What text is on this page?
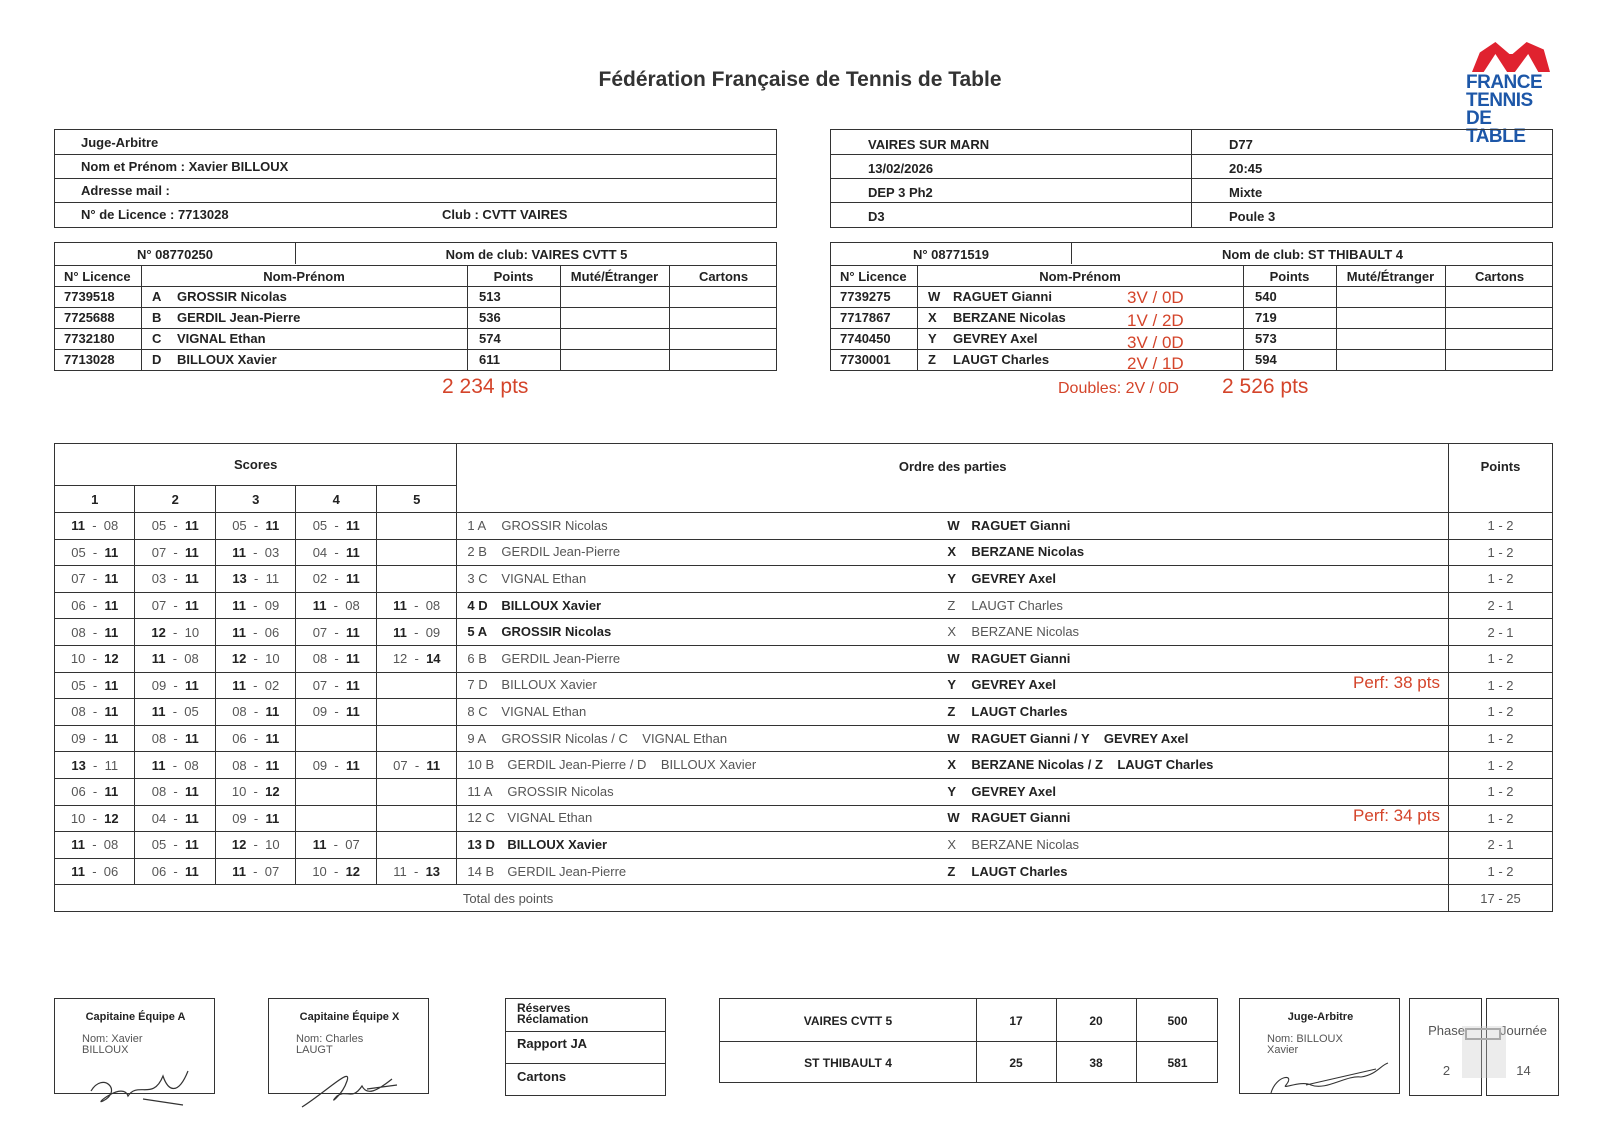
Fédération Française de Tennis de Table	FRANCE
TENNIS
DE TABLE
Juge-Arbitre
Nom et Prénom : Xavier BILLOUX
Adresse mail :
N° de Licence : 7713028	Club : CVTT VAIRES
VAIRES SUR MARN	D77
13/02/2026	20:45
DEP 3 Ph2	Mixte
D3	Poule 3
N° 08770250	Nom de club: VAIRES CVTT 5
N° Licence	Nom-Prénom	Points	Muté/Étranger	Cartons
7739518	A GROSSIR Nicolas	513
7725688	B GERDIL Jean-Pierre	536
7732180	C VIGNAL Ethan	574
7713028	D BILLOUX Xavier	611
2 234 pts
N° 08771519	Nom de club: ST THIBAULT 4
N° Licence	Nom-Prénom	Points	Muté/Étranger	Cartons
7739275	W RAGUET Gianni	3V / 0D	540
7717867	X BERZANE Nicolas	1V / 2D	719
7740450	Y GEVREY Axel	3V / 0D	573
7730001	Z LAUGT Charles	2V / 1D	594
Doubles: 2V / 0D 2 526 pts
Scores					Ordre des parties	Points
1	2	3	4	5		
11  -  08	05  -  11	05  -  11	05  -  11		1 A GROSSIR Nicolas W RAGUET Gianni	1 - 2
05  -  11	07  -  11	11  -  03	04  -  11		2 B GERDIL Jean-Pierre X BERZANE Nicolas	1 - 2
07  -  11	03  -  11	13  -  11	02  -  11		3 C VIGNAL Ethan Y GEVREY Axel	1 - 2
06  -  11	07  -  11	11  -  09	11  -  08	11  -  08	4 D BILLOUX Xavier Z LAUGT Charles	2 - 1
08  -  11	12  -  10	11  -  06	07  -  11	11  -  09	5 A GROSSIR Nicolas X BERZANE Nicolas	2 - 1
10  -  12	11  -  08	12  -  10	08  -  11	12  -  14	6 B GERDIL Jean-Pierre W RAGUET Gianni	1 - 2
05  -  11	09  -  11	11  -  02	07  -  11		7 D BILLOUX Xavier Y GEVREY Axel Perf: 38 pts	1 - 2
08  -  11	11  -  05	08  -  11	09  -  11		8 C VIGNAL Ethan Z LAUGT Charles	1 - 2
09  -  11	08  -  11	06  -  11			9 A GROSSIR Nicolas / C    VIGNAL Ethan W RAGUET Gianni / Y    GEVREY Axel	1 - 2
13  -  11	11  -  08	08  -  11	09  -  11	07  -  11	10 B GERDIL Jean-Pierre / D    BILLOUX Xavier X BERZANE Nicolas / Z    LAUGT Charles	1 - 2
06  -  11	08  -  11	10  -  12			11 A GROSSIR Nicolas Y GEVREY Axel	1 - 2
10  -  12	04  -  11	09  -  11			12 C VIGNAL Ethan W RAGUET Gianni Perf: 34 pts	1 - 2
11  -  08	05  -  11	12  -  10	11  -  07		13 D BILLOUX Xavier X BERZANE Nicolas	2 - 1
11  -  06	06  -  11	11  -  07	10  -  12	11  -  13	14 B GERDIL Jean-Pierre Z LAUGT Charles	1 - 2
					Total des points	17 - 25
Capitaine Équipe A
Nom: Xavier
BILLOUX
Capitaine Équipe X
Nom: Charles
LAUGT
Réserves
Réclamation
Rapport JA
Cartons
VAIRES CVTT 5	17	20	500
ST THIBAULT 4	25	38	581
Juge-Arbitre
Nom: BILLOUX
Xavier
Phase
2
Journée
14
